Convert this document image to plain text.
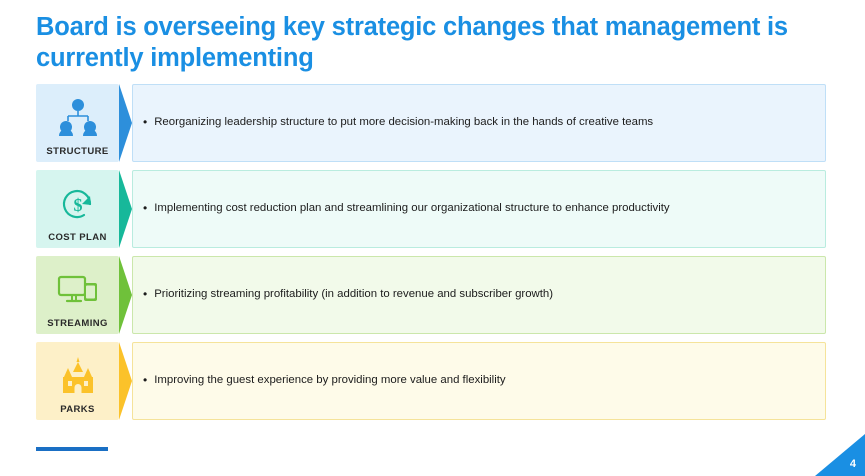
Board is overseeing key strategic changes that management is currently implementing
STRUCTURE
• Reorganizing leadership structure to put more decision-making back in the hands of creative teams
$
COST PLAN
• Implementing cost reduction plan and streamlining our organizational structure to enhance productivity
STREAMING
• Prioritizing streaming profitability (in addition to revenue and subscriber growth)
PARKS
• Improving the guest experience by providing more value and flexibility
4
